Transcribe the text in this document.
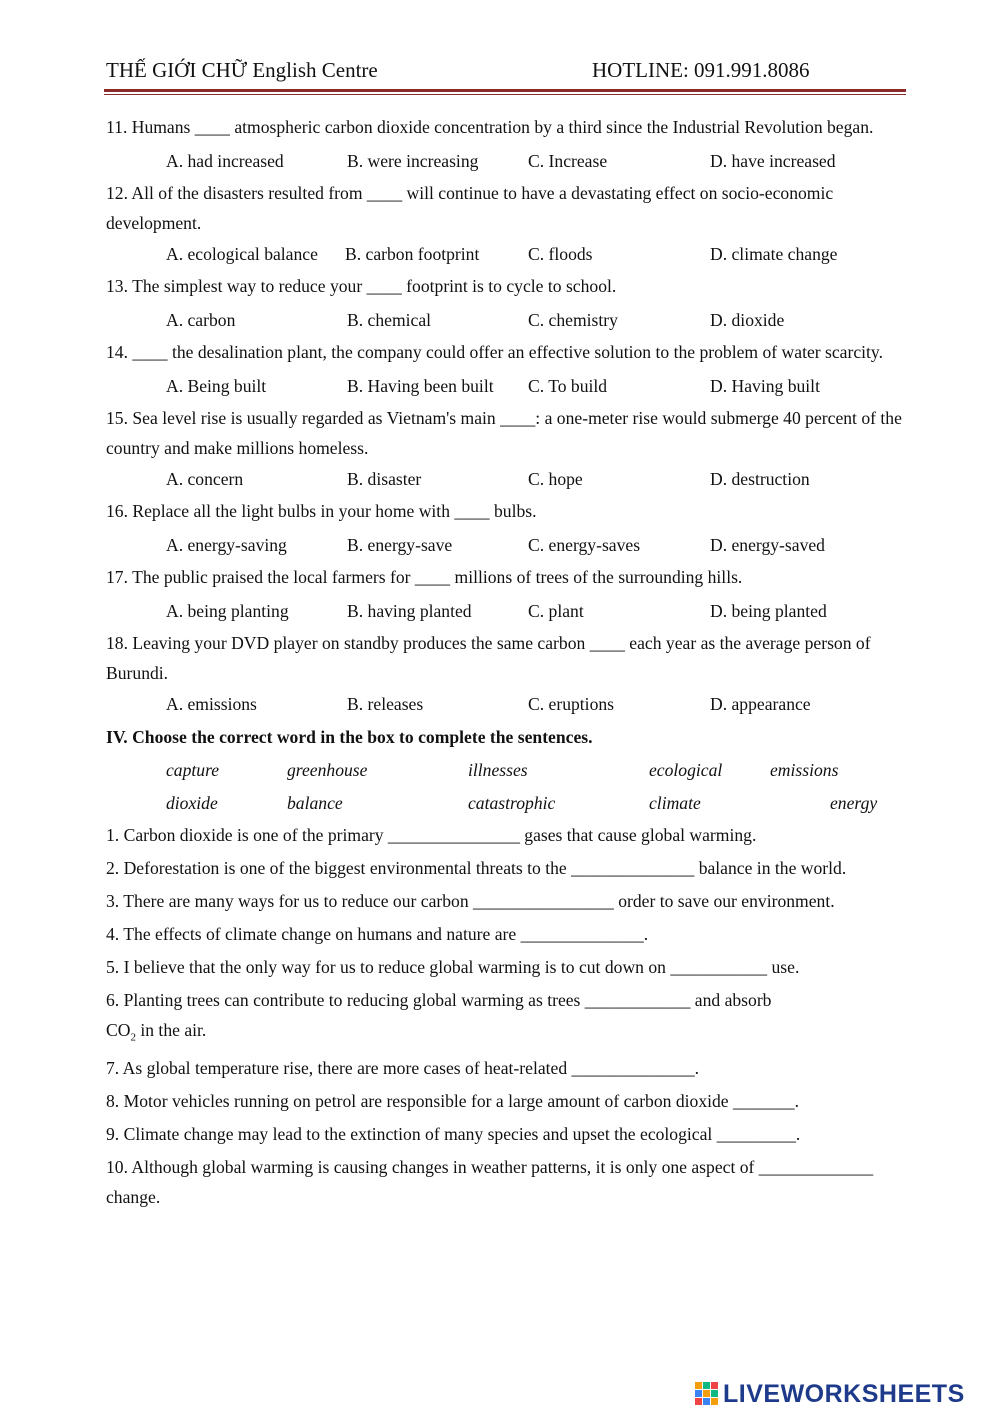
THẾ GIỚI CHỮ English Centre	HOTLINE: 091.991.8086

11. Humans ____ atmospheric carbon dioxide concentration by a third since the Industrial Revolution began.

A. had increased	B. were increasing	C. Increase	D. have increased

12. All of the disasters resulted from ____ will continue to have a devastating effect on socio-economic development.

A. ecological balance B. carbon footprint	C. floods	D. climate change

13. The simplest way to reduce your ____ footprint is to cycle to school.

A. carbon	B. chemical	C. chemistry	D. dioxide

14. ____ the desalination plant, the company could offer an effective solution to the problem of water scarcity.

A. Being built	B. Having been built C. To build	D. Having built

15. Sea level rise is usually regarded as Vietnam's main ____: a one-meter rise would submerge 40 percent of the country and make millions homeless.

A. concern	B. disaster	C. hope	D. destruction

16. Replace all the light bulbs in your home with ____ bulbs.

A. energy-saving	B. energy-save	C. energy-saves	D. energy-saved

17. The public praised the local farmers for ____ millions of trees of the surrounding hills.

A. being planting	B. having planted	C. plant	D. being planted

18. Leaving your DVD player on standby produces the same carbon ____ each year as the average person of Burundi.

A. emissions	B. releases	C. eruptions	D. appearance
IV. Choose the correct word in the box to complete the sentences.
capture	greenhouse	illnesses	ecological	emissions
dioxide	balance	catastrophic	climate	energy

1. Carbon dioxide is one of the primary _______________ gases that cause global warming.

2. Deforestation is one of the biggest environmental threats to the ______________ balance in the world.

3. There are many ways for us to reduce our carbon ________________ order to save our environment.

4. The effects of climate change on humans and nature are ______________.

5. I believe that the only way for us to reduce global warming is to cut down on ___________ use.

6. Planting trees can contribute to reducing global warming as trees ____________ and absorb
$CO_2$ in the air.

7. As global temperature rise, there are more cases of heat-related ______________.

8. Motor vehicles running on petrol are responsible for a large amount of carbon dioxide _______.

9. Climate change may lead to the extinction of many species and upset the ecological _________.

10. Although global warming is causing changes in weather patterns, it is only one aspect of _____________ change.

LIVEWORKSHEETS
